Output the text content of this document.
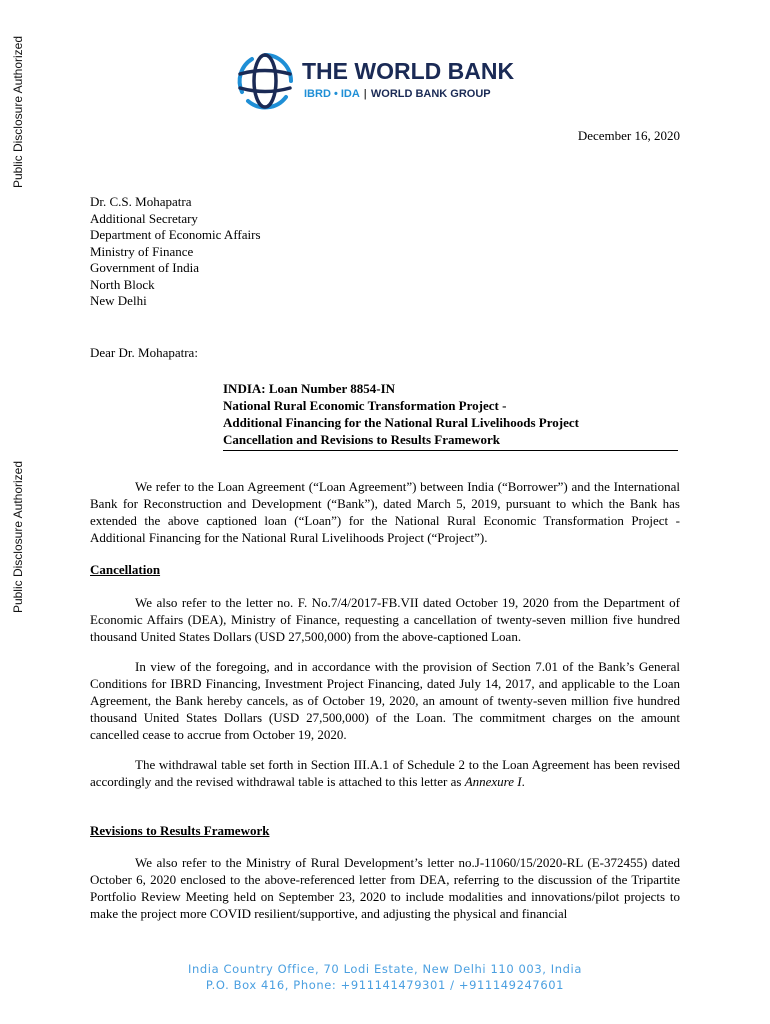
Public Disclosure Authorized
Public Disclosure Authorized
THE WORLD BANK
IBRD • IDA | WORLD BANK GROUP
December 16, 2020
Dr. C.S. Mohapatra
Additional Secretary
Department of Economic Affairs
Ministry of Finance
Government of India
North Block
New Delhi
Dear Dr. Mohapatra:
INDIA: Loan Number 8854-IN
National Rural Economic Transformation Project -
Additional Financing for the National Rural Livelihoods Project
Cancellation and Revisions to Results Framework

We refer to the Loan Agreement (“Loan Agreement”) between India (“Borrower”) and the International Bank for Reconstruction and Development (“Bank”), dated March 5, 2019, pursuant to which the Bank has extended the above captioned loan (“Loan”) for the National Rural Economic Transformation Project - Additional Financing for the National Rural Livelihoods Project (“Project”).

Cancellation

We also refer to the letter no. F. No.7/4/2017-FB.VII dated October 19, 2020 from the Department of Economic Affairs (DEA), Ministry of Finance, requesting a cancellation of twenty-seven million five hundred thousand United States Dollars (USD 27,500,000) from the above-captioned Loan.

In view of the foregoing, and in accordance with the provision of Section 7.01 of the Bank’s General Conditions for IBRD Financing, Investment Project Financing, dated July 14, 2017, and applicable to the Loan Agreement, the Bank hereby cancels, as of October 19, 2020, an amount of twenty-seven million five hundred thousand United States Dollars (USD 27,500,000) of the Loan. The commitment charges on the amount cancelled cease to accrue from October 19, 2020.

The withdrawal table set forth in Section III.A.1 of Schedule 2 to the Loan Agreement has been revised accordingly and the revised withdrawal table is attached to this letter as Annexure I.

Revisions to Results Framework

We also refer to the Ministry of Rural Development’s letter no.J-11060/15/2020-RL (E-372455) dated October 6, 2020 enclosed to the above-referenced letter from DEA, referring to the discussion of the Tripartite Portfolio Review Meeting held on September 23, 2020 to include modalities and innovations/pilot projects to make the project more COVID resilient/supportive, and adjusting the physical and financial

India Country Office, 70 Lodi Estate, New Delhi 110 003, India
P.O. Box 416, Phone: +911141479301 / +911149247601
